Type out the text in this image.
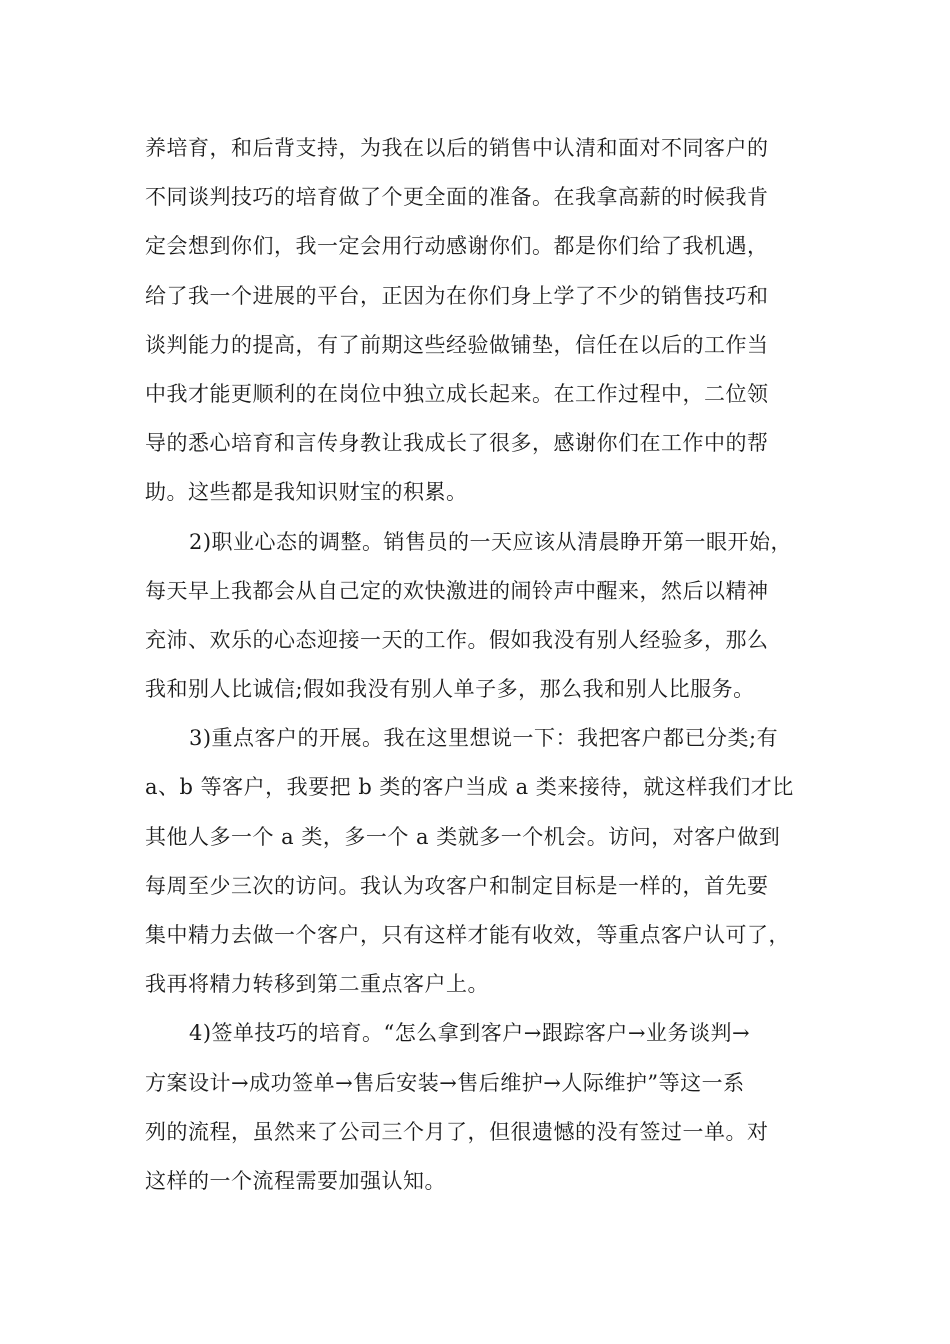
养培育，和后背支持，为我在以后的销售中认清和面对不同客户的
不同谈判技巧的培育做了个更全面的准备。在我拿高薪的时候我肯
定会想到你们，我一定会用行动感谢你们。都是你们给了我机遇，
给了我一个进展的平台，正因为在你们身上学了不少的销售技巧和
谈判能力的提高，有了前期这些经验做铺垫，信任在以后的工作当
中我才能更顺利的在岗位中独立成长起来。在工作过程中，二位领
导的悉心培育和言传身教让我成长了很多，感谢你们在工作中的帮
助。这些都是我知识财宝的积累。
2)职业心态的调整。销售员的一天应该从清晨睁开第一眼开始，
每天早上我都会从自己定的欢快激进的闹铃声中醒来，然后以精神
充沛、欢乐的心态迎接一天的工作。假如我没有别人经验多，那么
我和别人比诚信;假如我没有别人单子多，那么我和别人比服务。
3)重点客户的开展。我在这里想说一下：我把客户都已分类;有
a、b 等客户，我要把 b 类的客户当成 a 类来接待，就这样我们才比
其他人多一个 a 类，多一个 a 类就多一个机会。访问，对客户做到
每周至少三次的访问。我认为攻客户和制定目标是一样的，首先要
集中精力去做一个客户，只有这样才能有收效，等重点客户认可了，
我再将精力转移到第二重点客户上。
4)签单技巧的培育。“怎么拿到客户→跟踪客户→业务谈判→
方案设计→成功签单→售后安装→售后维护→人际维护”等这一系
列的流程，虽然来了公司三个月了，但很遗憾的没有签过一单。对
这样的一个流程需要加强认知。
